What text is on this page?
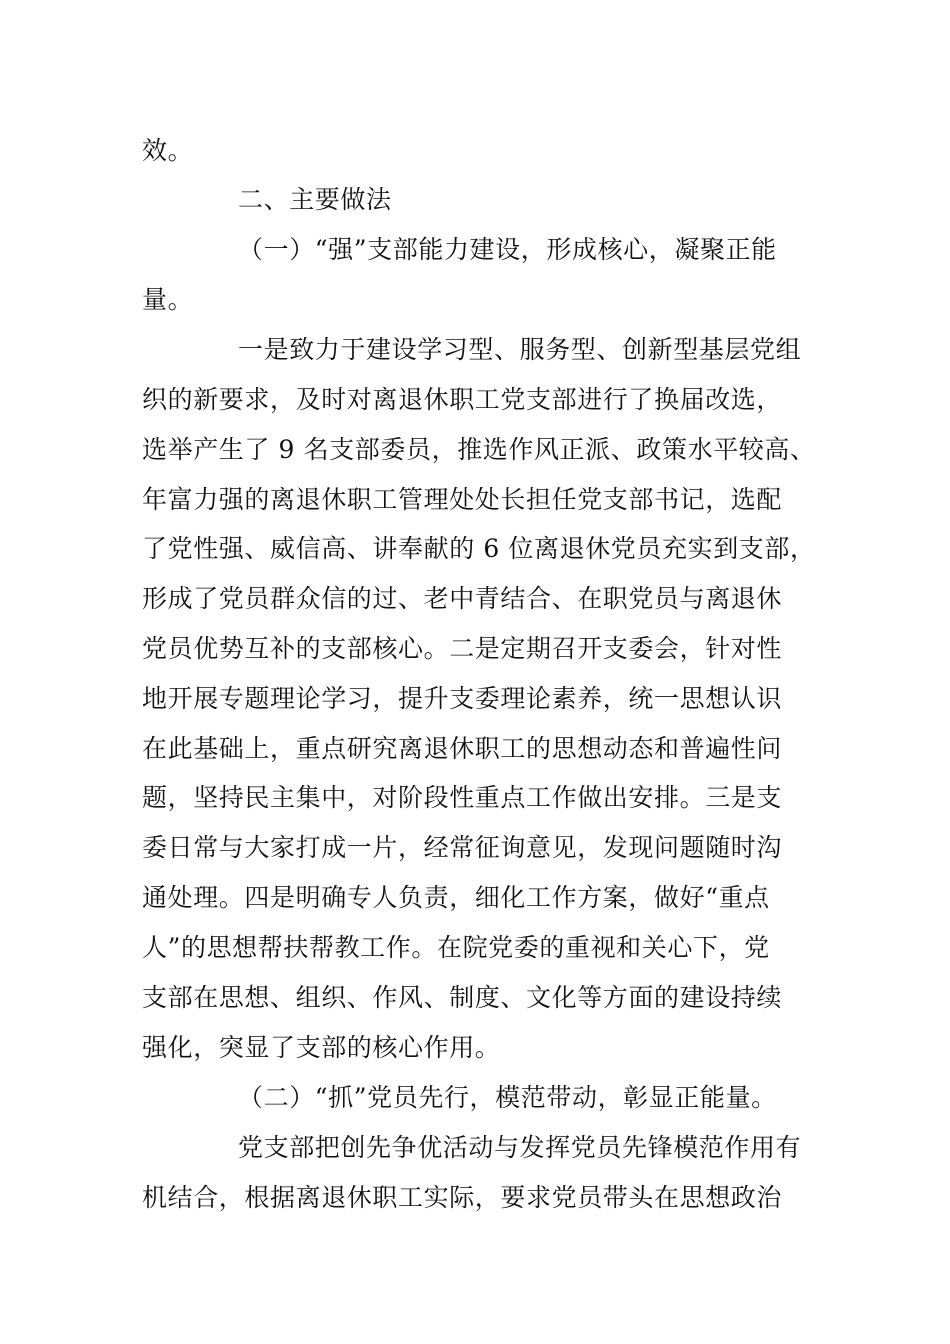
效。

二、主要做法

（一）“强”支部能力建设，形成核心，凝聚正能

量。

一是致力于建设学习型、服务型、创新型基层党组

织的新要求，及时对离退休职工党支部进行了换届改选，

选举产生了 9 名支部委员，推选作风正派、政策水平较高、

年富力强的离退休职工管理处处长担任党支部书记，选配

了党性强、威信高、讲奉献的 6 位离退休党员充实到支部，

形成了党员群众信的过、老中青结合、在职党员与离退休

党员优势互补的支部核心。二是定期召开支委会，针对性

地开展专题理论学习，提升支委理论素养，统一思想认识

在此基础上，重点研究离退休职工的思想动态和普遍性问

题，坚持民主集中，对阶段性重点工作做出安排。三是支

委日常与大家打成一片，经常征询意见，发现问题随时沟

通处理。四是明确专人负责，细化工作方案，做好“重点

人”的思想帮扶帮教工作。在院党委的重视和关心下，党

支部在思想、组织、作风、制度、文化等方面的建设持续

强化，突显了支部的核心作用。

（二）“抓”党员先行，模范带动，彰显正能量。

党支部把创先争优活动与发挥党员先锋模范作用有

机结合，根据离退休职工实际，要求党员带头在思想政治
